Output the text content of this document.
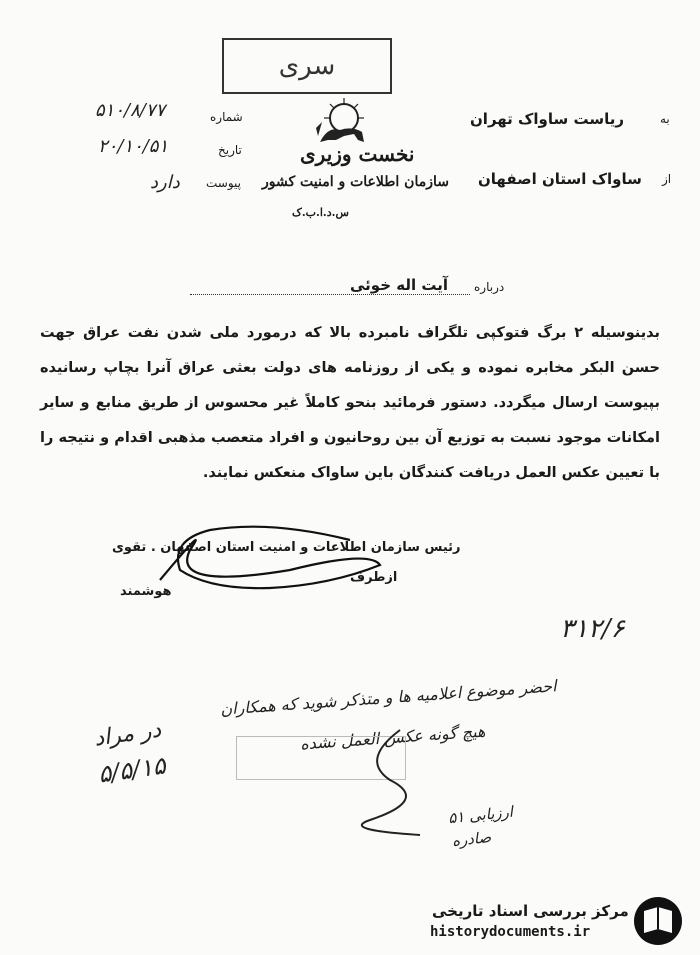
سری
نخست وزیری
سازمان اطلاعات و امنیت کشور
س.د.ا.ب.ک
شماره
۵۱۰/۸/۷۷
تاریخ
۲۰/۱۰/۵۱
پیوست
دارد
به
ریاست ساواک تهران
از
ساواک استان اصفهان
درباره
آیت اله خوئی
بدینوسیله ۲ برگ فتوکپی تلگراف نامبرده بالا که درمورد ملی شدن نفت عراق جهت حسن البکر مخابره نموده و یکی از روزنامه های دولت بعثی عراق آنرا بچاپ رسانیده بپیوست ارسال میگردد. دستور فرمائید بنحو کاملاً غیر محسوس از طریق منابع و سایر امکانات موجود نسبت به توزیع آن بین روحانیون و افراد متعصب مذهبی اقدام و نتیجه را با تعیین عکس العمل دریافت کنندگان باین ساواک منعکس نمایند.
رئیس سازمان اطلاعات و امنیت استان اصفهان . تقوی
ازطرف
هوشمند
۳۱۲/۶
احضر موضوع اعلامیه ها و متذکر شوید که همکاران
هیچ گونه عکس العمل نشده
در مراد
۵/۵/۱۵
ارزیابی ۵۱
صادره
مرکز بررسی اسناد تاریخی
historydocuments.ir
